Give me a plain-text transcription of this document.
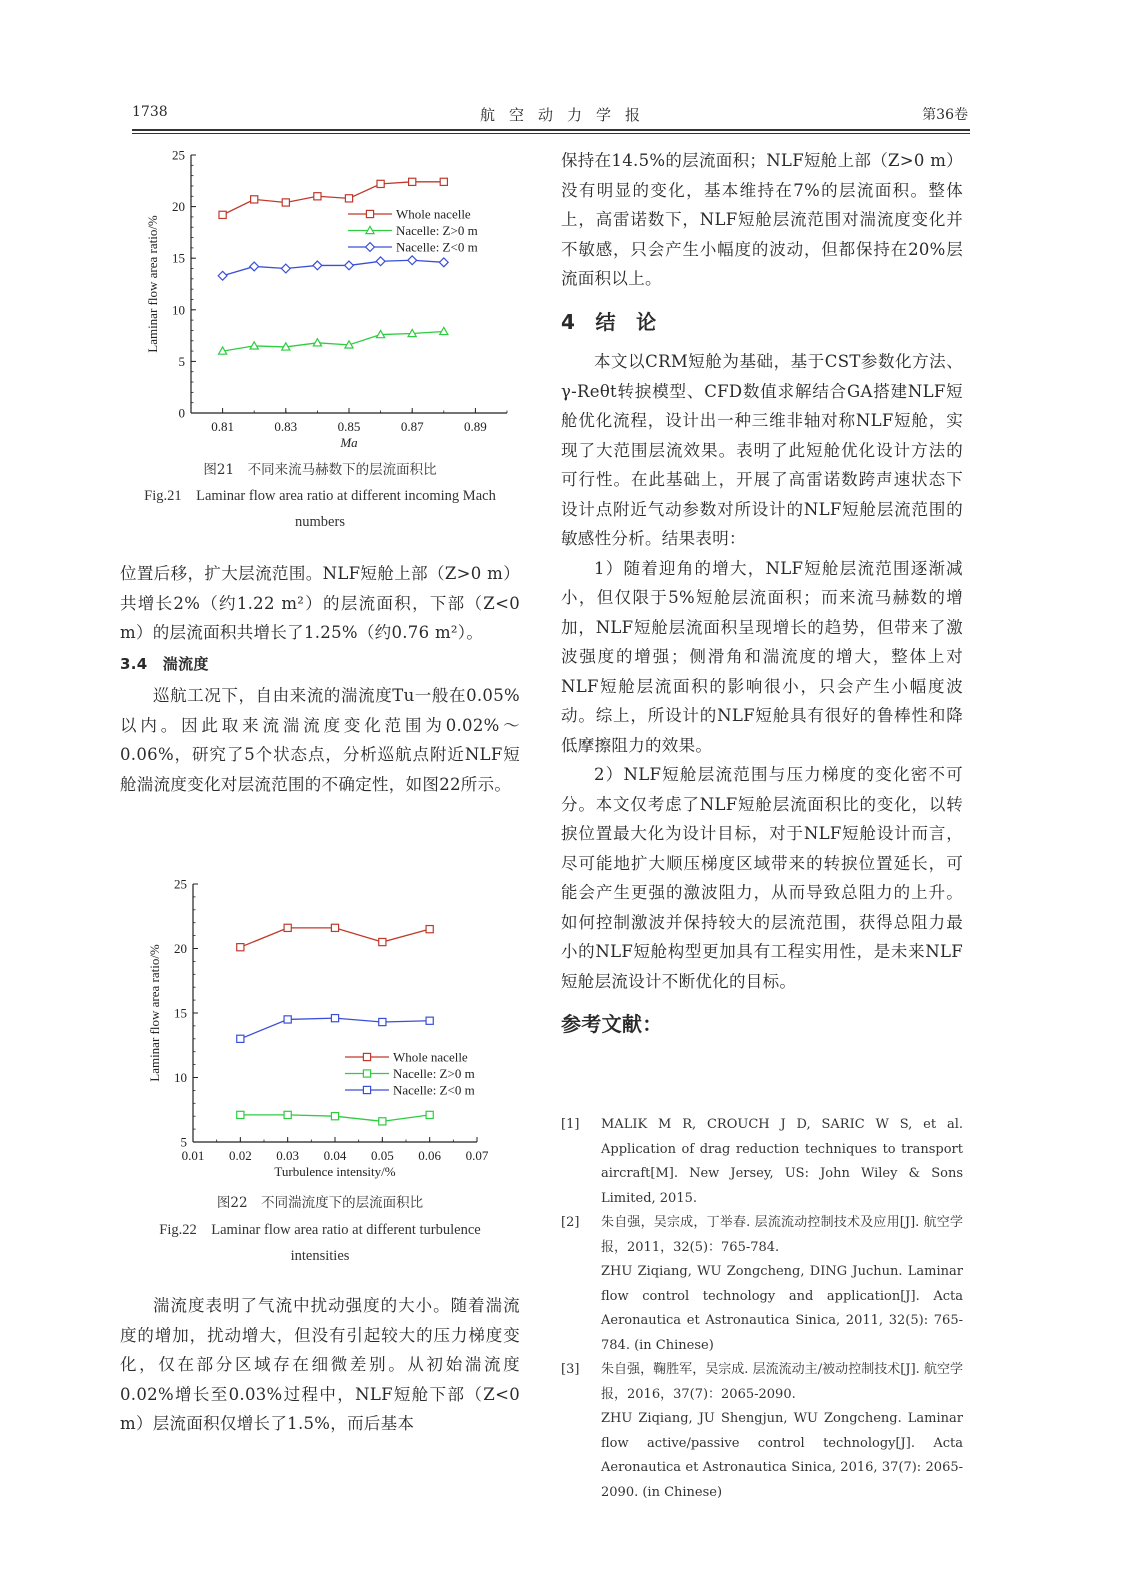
1738	航空动力学报	第36卷
0
5
10
15
20
25
0.81	0.83	0.85	0.87	0.89
Ma
Laminar flow area ratio/%
Whole nacelle
Nacelle: Z>0 m
Nacelle: Z<0 m
图21　不同来流马赫数下的层流面积比
Fig.21　Laminar flow area ratio at different incoming Mach numbers

位置后移，扩大层流范围。NLF短舱上部（Z>0 m）共增长2%（约1.22 m²）的层流面积，下部（Z<0 m）的层流面积共增长了1.25%（约0.76 m²）。

3.4　湍流度

巡航工况下，自由来流的湍流度Tu一般在0.05%以内。因此取来流湍流度变化范围为0.02%～0.06%，研究了5个状态点，分析巡航点附近NLF短舱湍流度变化对层流范围的不确定性，如图22所示。

5
10
15
20
25
0.01 0.02 0.03 0.04 0.05 0.06 0.07
Turbulence intensity/%
Laminar flow area ratio/%	Whole nacelle
Nacelle: Z>0 m
Nacelle: Z<0 m
图22　不同湍流度下的层流面积比
Fig.22　Laminar flow area ratio at different turbulence intensities

湍流度表明了气流中扰动强度的大小。随着湍流度的增加，扰动增大，但没有引起较大的压力梯度变化，仅在部分区域存在细微差别。从初始湍流度0.02%增长至0.03%过程中，NLF短舱下部（Z<0 m）层流面积仅增长了1.5%，而后基本

保持在14.5%的层流面积；NLF短舱上部（Z>0 m）没有明显的变化，基本维持在7%的层流面积。整体上，高雷诺数下，NLF短舱层流范围对湍流度变化并不敏感，只会产生小幅度的波动，但都保持在20%层流面积以上。

4　结　论

本文以CRM短舱为基础，基于CST参数化方法、γ-Reθt转捩模型、CFD数值求解结合GA搭建NLF短舱优化流程，设计出一种三维非轴对称NLF短舱，实现了大范围层流效果。表明了此短舱优化设计方法的可行性。在此基础上，开展了高雷诺数跨声速状态下设计点附近气动参数对所设计的NLF短舱层流范围的敏感性分析。结果表明：

1）随着迎角的增大，NLF短舱层流范围逐渐减小，但仅限于5%短舱层流面积；而来流马赫数的增加，NLF短舱层流面积呈现增长的趋势，但带来了激波强度的增强；侧滑角和湍流度的增大，整体上对NLF短舱层流面积的影响很小，只会产生小幅度波动。综上，所设计的NLF短舱具有很好的鲁棒性和降低摩擦阻力的效果。

2）NLF短舱层流范围与压力梯度的变化密不可分。本文仅考虑了NLF短舱层流面积比的变化，以转捩位置最大化为设计目标，对于NLF短舱设计而言，尽可能地扩大顺压梯度区域带来的转捩位置延长，可能会产生更强的激波阻力，从而导致总阻力的上升。如何控制激波并保持较大的层流范围，获得总阻力最小的NLF短舱构型更加具有工程实用性，是未来NLF短舱层流设计不断优化的目标。

参考文献：
[1] MALIK M R, CROUCH J D, SARIC W S, et al. Application of drag reduction techniques to transport aircraft[M]. New Jersey, US: John Wiley & Sons Limited, 2015.

[2] 朱自强，吴宗成，丁举春. 层流流动控制技术及应用[J]. 航空学报，2011，32(5)：765-784.

ZHU Ziqiang, WU Zongcheng, DING Juchun. Laminar flow control technology and application[J]. Acta Aeronautica et Astronautica Sinica, 2011, 32(5): 765-784. (in Chinese)

[3] 朱自强，鞠胜军，吴宗成. 层流流动主/被动控制技术[J]. 航空学报，2016，37(7)：2065-2090.

ZHU Ziqiang, JU Shengjun, WU Zongcheng. Laminar flow active/passive control technology[J]. Acta Aeronautica et Astronautica Sinica, 2016, 37(7): 2065-2090. (in Chinese)
